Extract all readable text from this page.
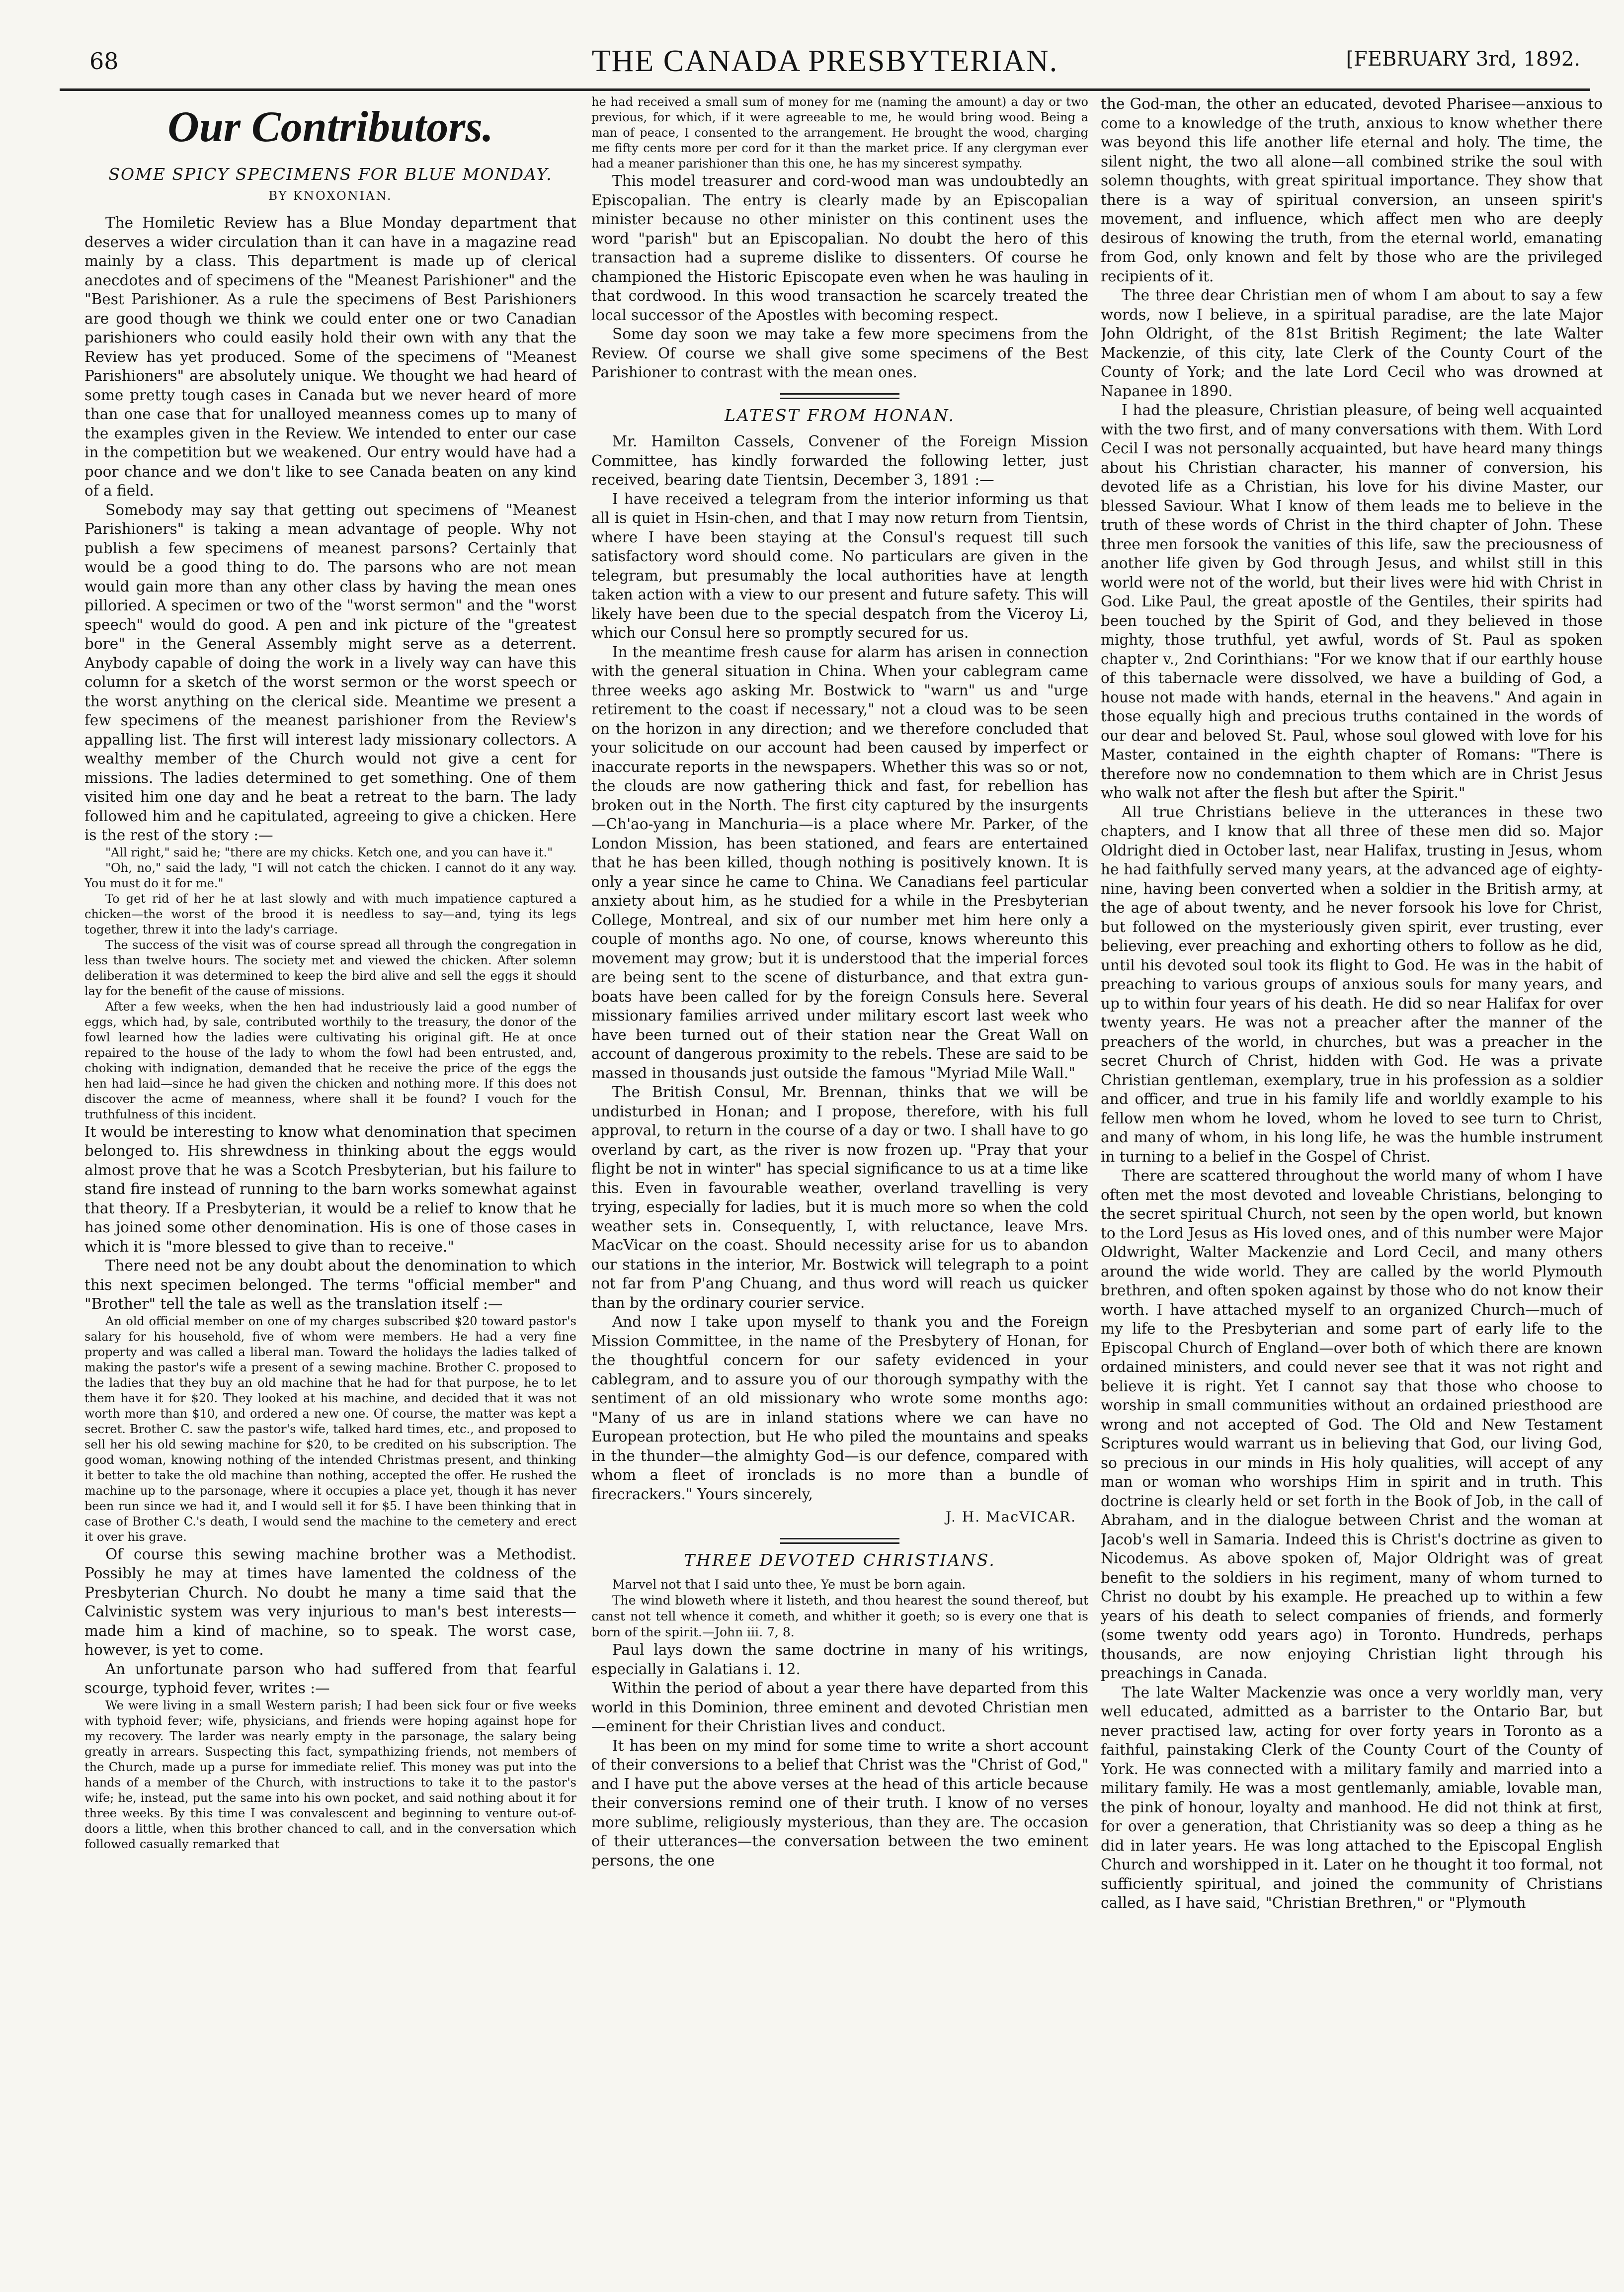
68	THE CANADA PRESBYTERIAN.	[FEBRUARY 3rd, 1892.
Our Contributors.
SOME SPICY SPECIMENS FOR BLUE MONDAY.
BY KNOXONIAN.

The Homiletic Review has a Blue Monday department that deserves a wider circulation than it can have in a magazine read mainly by a class. This department is made up of clerical anecdotes and of specimens of the "Meanest Parishioner" and the "Best Parishioner. As a rule the specimens of Best Parishioners are good though we think we could enter one or two Canadian parishioners who could easily hold their own with any that the Review has yet produced. Some of the specimens of "Meanest Parishioners" are absolutely unique. We thought we had heard of some pretty tough cases in Canada but we never heard of more than one case that for unalloyed meanness comes up to many of the examples given in the Review. We intended to enter our case in the competition but we weakened. Our entry would have had a poor chance and we don't like to see Canada beaten on any kind of a field.

Somebody may say that getting out specimens of "Meanest Parishioners" is taking a mean advantage of people. Why not publish a few specimens of meanest parsons? Certainly that would be a good thing to do. The parsons who are not mean would gain more than any other class by having the mean ones pilloried. A specimen or two of the "worst sermon" and the "worst speech" would do good. A pen and ink picture of the "greatest bore" in the General Assembly might serve as a deterrent. Anybody capable of doing the work in a lively way can have this column for a sketch of the worst sermon or the worst speech or the worst anything on the clerical side. Meantime we present a few specimens of the meanest parishioner from the Review's appalling list. The first will interest lady missionary collectors. A wealthy member of the Church would not give a cent for missions. The ladies determined to get something. One of them visited him one day and he beat a retreat to the barn. The lady followed him and he capitulated, agreeing to give a chicken. Here is the rest of the story :—

"All right," said he; "there are my chicks. Ketch one, and you can have it."

"Oh, no," said the lady, "I will not catch the chicken. I cannot do it any way. You must do it for me."

To get rid of her he at last slowly and with much impatience captured a chicken—the worst of the brood it is needless to say—and, tying its legs together, threw it into the lady's carriage.

The success of the visit was of course spread all through the congregation in less than twelve hours. The society met and viewed the chicken. After solemn deliberation it was determined to keep the bird alive and sell the eggs it should lay for the benefit of the cause of missions.

After a few weeks, when the hen had industriously laid a good number of eggs, which had, by sale, contributed worthily to the treasury, the donor of the fowl learned how the ladies were cultivating his original gift. He at once repaired to the house of the lady to whom the fowl had been entrusted, and, choking with indignation, demanded that he receive the price of the eggs the hen had laid—since he had given the chicken and nothing more. If this does not discover the acme of meanness, where shall it be found? I vouch for the truthfulness of this incident.

It would be interesting to know what denomination that specimen belonged to. His shrewdness in thinking about the eggs would almost prove that he was a Scotch Presbyterian, but his failure to stand fire instead of running to the barn works somewhat against that theory. If a Presbyterian, it would be a relief to know that he has joined some other denomination. His is one of those cases in which it is "more blessed to give than to receive."

There need not be any doubt about the denomination to which this next specimen belonged. The terms "official member" and "Brother" tell the tale as well as the translation itself :—

An old official member on one of my charges subscribed $20 toward pastor's salary for his household, five of whom were members. He had a very fine property and was called a liberal man. Toward the holidays the ladies talked of making the pastor's wife a present of a sewing machine. Brother C. proposed to the ladies that they buy an old machine that he had for that purpose, he to let them have it for $20. They looked at his machine, and decided that it was not worth more than $10, and ordered a new one. Of course, the matter was kept a secret. Brother C. saw the pastor's wife, talked hard times, etc., and proposed to sell her his old sewing machine for $20, to be credited on his subscription. The good woman, knowing nothing of the intended Christmas present, and thinking it better to take the old machine than nothing, accepted the offer. He rushed the machine up to the parsonage, where it occupies a place yet, though it has never been run since we had it, and I would sell it for $5. I have been thinking that in case of Brother C.'s death, I would send the machine to the cemetery and erect it over his grave.

Of course this sewing machine brother was a Methodist. Possibly he may at times have lamented the coldness of the Presbyterian Church. No doubt he many a time said that the Calvinistic system was very injurious to man's best interests—made him a kind of machine, so to speak. The worst case, however, is yet to come.

An unfortunate parson who had suffered from that fearful scourge, typhoid fever, writes :—

We were living in a small Western parish; I had been sick four or five weeks with typhoid fever; wife, physicians, and friends were hoping against hope for my recovery. The larder was nearly empty in the parsonage, the salary being greatly in arrears. Suspecting this fact, sympathizing friends, not members of the Church, made up a purse for immediate relief. This money was put into the hands of a member of the Church, with instructions to take it to the pastor's wife; he, instead, put the same into his own pocket, and said nothing about it for three weeks. By this time I was convalescent and beginning to venture out-of-doors a little, when this brother chanced to call, and in the conversation which followed casually remarked that

he had received a small sum of money for me (naming the amount) a day or two previous, for which, if it were agreeable to me, he would bring wood. Being a man of peace, I consented to the arrangement. He brought the wood, charging me fifty cents more per cord for it than the market price. If any clergyman ever had a meaner parishioner than this one, he has my sincerest sympathy.

This model treasurer and cord-wood man was undoubtedly an Episcopalian. The entry is clearly made by an Episcopalian minister because no other minister on this continent uses the word "parish" but an Episcopalian. No doubt the hero of this transaction had a supreme dislike to dissenters. Of course he championed the Historic Episcopate even when he was hauling in that cordwood. In this wood transaction he scarcely treated the local successor of the Apostles with becoming respect.

Some day soon we may take a few more specimens from the Review. Of course we shall give some specimens of the Best Parishioner to contrast with the mean ones.

LATEST FROM HONAN.

Mr. Hamilton Cassels, Convener of the Foreign Mission Committee, has kindly forwarded the following letter, just received, bearing date Tientsin, December 3, 1891 :—

I have received a telegram from the interior informing us that all is quiet in Hsin-chen, and that I may now return from Tientsin, where I have been staying at the Consul's request till such satisfactory word should come. No particulars are given in the telegram, but presumably the local authorities have at length taken action with a view to our present and future safety. This will likely have been due to the special despatch from the Viceroy Li, which our Consul here so promptly secured for us.

In the meantime fresh cause for alarm has arisen in connection with the general situation in China. When your cablegram came three weeks ago asking Mr. Bostwick to "warn" us and "urge retirement to the coast if necessary," not a cloud was to be seen on the horizon in any direction; and we therefore concluded that your solicitude on our account had been caused by imperfect or inaccurate reports in the newspapers. Whether this was so or not, the clouds are now gathering thick and fast, for rebellion has broken out in the North. The first city captured by the insurgents—Ch'ao-yang in Manchuria—is a place where Mr. Parker, of the London Mission, has been stationed, and fears are entertained that he has been killed, though nothing is positively known. It is only a year since he came to China. We Canadians feel particular anxiety about him, as he studied for a while in the Presbyterian College, Montreal, and six of our number met him here only a couple of months ago. No one, of course, knows whereunto this movement may grow; but it is understood that the imperial forces are being sent to the scene of disturbance, and that extra gun-boats have been called for by the foreign Consuls here. Several missionary families arrived under military escort last week who have been turned out of their station near the Great Wall on account of dangerous proximity to the rebels. These are said to be massed in thousands just outside the famous "Myriad Mile Wall."

The British Consul, Mr. Brennan, thinks that we will be undisturbed in Honan; and I propose, therefore, with his full approval, to return in the course of a day or two. I shall have to go overland by cart, as the river is now frozen up. "Pray that your flight be not in winter" has special significance to us at a time like this. Even in favourable weather, overland travelling is very trying, especially for ladies, but it is much more so when the cold weather sets in. Consequently, I, with reluctance, leave Mrs. MacVicar on the coast. Should necessity arise for us to abandon our stations in the interior, Mr. Bostwick will telegraph to a point not far from P'ang Chuang, and thus word will reach us quicker than by the ordinary courier service.

And now I take upon myself to thank you and the Foreign Mission Committee, in the name of the Presbytery of Honan, for the thoughtful concern for our safety evidenced in your cablegram, and to assure you of our thorough sympathy with the sentiment of an old missionary who wrote some months ago: "Many of us are in inland stations where we can have no European protection, but He who piled the mountains and speaks in the thunder—the almighty God—is our defence, compared with whom a fleet of ironclads is no more than a bundle of firecrackers." Yours sincerely,

J. H. MacVICAR.
THREE DEVOTED CHRISTIANS.

Marvel not that I said unto thee, Ye must be born again.

The wind bloweth where it listeth, and thou hearest the sound thereof, but canst not tell whence it cometh, and whither it goeth; so is every one that is born of the spirit.—John iii. 7, 8.

Paul lays down the same doctrine in many of his writings, especially in Galatians i. 12.

Within the period of about a year there have departed from this world in this Dominion, three eminent and devoted Christian men—eminent for their Christian lives and conduct.

It has been on my mind for some time to write a short account of their conversions to a belief that Christ was the "Christ of God," and I have put the above verses at the head of this article because their conversions remind one of their truth. I know of no verses more sublime, religiously mysterious, than they are. The occasion of their utterances—the conversation between the two eminent persons, the one

the God-man, the other an educated, devoted Pharisee—anxious to come to a knowledge of the truth, anxious to know whether there was beyond this life another life eternal and holy. The time, the silent night, the two all alone—all combined strike the soul with solemn thoughts, with great spiritual importance. They show that there is a way of spiritual conversion, an unseen spirit's movement, and influence, which affect men who are deeply desirous of knowing the truth, from the eternal world, emanating from God, only known and felt by those who are the privileged recipients of it.

The three dear Christian men of whom I am about to say a few words, now I believe, in a spiritual paradise, are the late Major John Oldright, of the 81st British Regiment; the late Walter Mackenzie, of this city, late Clerk of the County Court of the County of York; and the late Lord Cecil who was drowned at Napanee in 1890.

I had the pleasure, Christian pleasure, of being well acquainted with the two first, and of many conversations with them. With Lord Cecil I was not personally acquainted, but have heard many things about his Christian character, his manner of conversion, his devoted life as a Christian, his love for his divine Master, our blessed Saviour. What I know of them leads me to believe in the truth of these words of Christ in the third chapter of John. These three men forsook the vanities of this life, saw the preciousness of another life given by God through Jesus, and whilst still in this world were not of the world, but their lives were hid with Christ in God. Like Paul, the great apostle of the Gentiles, their spirits had been touched by the Spirit of God, and they believed in those mighty, those truthful, yet awful, words of St. Paul as spoken chapter v., 2nd Corinthians: "For we know that if our earthly house of this tabernacle were dissolved, we have a building of God, a house not made with hands, eternal in the heavens." And again in those equally high and precious truths contained in the words of our dear and beloved St. Paul, whose soul glowed with love for his Master, contained in the eighth chapter of Romans: "There is therefore now no condemnation to them which are in Christ Jesus who walk not after the flesh but after the Spirit."

All true Christians believe in the utterances in these two chapters, and I know that all three of these men did so. Major Oldright died in October last, near Halifax, trusting in Jesus, whom he had faithfully served many years, at the advanced age of eighty-nine, having been converted when a soldier in the British army, at the age of about twenty, and he never forsook his love for Christ, but followed on the mysteriously given spirit, ever trusting, ever believing, ever preaching and exhorting others to follow as he did, until his devoted soul took its flight to God. He was in the habit of preaching to various groups of anxious souls for many years, and up to within four years of his death. He did so near Halifax for over twenty years. He was not a preacher after the manner of the preachers of the world, in churches, but was a preacher in the secret Church of Christ, hidden with God. He was a private Christian gentleman, exemplary, true in his profession as a soldier and officer, and true in his family life and worldly example to his fellow men whom he loved, whom he loved to see turn to Christ, and many of whom, in his long life, he was the humble instrument in turning to a belief in the Gospel of Christ.

There are scattered throughout the world many of whom I have often met the most devoted and loveable Christians, belonging to the secret spiritual Church, not seen by the open world, but known to the Lord Jesus as His loved ones, and of this number were Major Oldwright, Walter Mackenzie and Lord Cecil, and many others around the wide world. They are called by the world Plymouth brethren, and often spoken against by those who do not know their worth. I have attached myself to an organized Church—much of my life to the Presbyterian and some part of early life to the Episcopal Church of England—over both of which there are known ordained ministers, and could never see that it was not right and believe it is right. Yet I cannot say that those who choose to worship in small communities without an ordained priesthood are wrong and not accepted of God. The Old and New Testament Scriptures would warrant us in believing that God, our living God, so precious in our minds in His holy qualities, will accept of any man or woman who worships Him in spirit and in truth. This doctrine is clearly held or set forth in the Book of Job, in the call of Abraham, and in the dialogue between Christ and the woman at Jacob's well in Samaria. Indeed this is Christ's doctrine as given to Nicodemus. As above spoken of, Major Oldright was of great benefit to the soldiers in his regiment, many of whom turned to Christ no doubt by his example. He preached up to within a few years of his death to select companies of friends, and formerly (some twenty odd years ago) in Toronto. Hundreds, perhaps thousands, are now enjoying Christian light through his preachings in Canada.

The late Walter Mackenzie was once a very worldly man, very well educated, admitted as a barrister to the Ontario Bar, but never practised law, acting for over forty years in Toronto as a faithful, painstaking Clerk of the County Court of the County of York. He was connected with a military family and married into a military family. He was a most gentlemanly, amiable, lovable man, the pink of honour, loyalty and manhood. He did not think at first, for over a generation, that Christianity was so deep a thing as he did in later years. He was long attached to the Episcopal English Church and worshipped in it. Later on he thought it too formal, not sufficiently spiritual, and joined the community of Christians called, as I have said, "Christian Brethren," or "Plymouth
